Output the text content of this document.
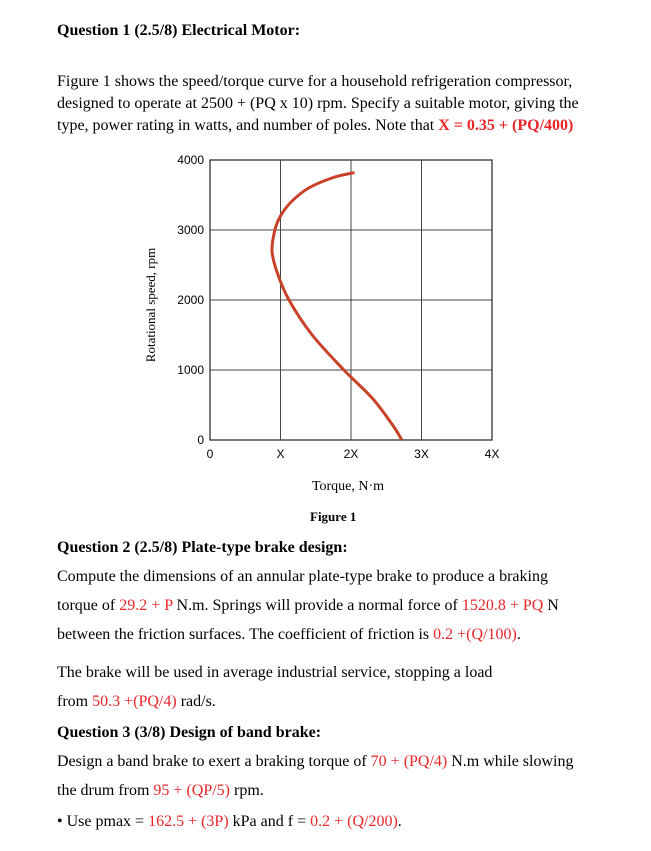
Question 1 (2.5/8) Electrical Motor:
Figure 1 shows the speed/torque curve for a household refrigeration compressor,
designed to operate at 2500 + (PQ x 10) rpm. Specify a suitable motor, giving the
type, power rating in watts, and number of poles. Note that X = 0.35 + (PQ/400)
0	X	2X	3X	4X
0
1000
2000
3000
4000
Rotational speed, rpm
Torque, N·m
Figure 1
Question 2 (2.5/8) Plate-type brake design:
Compute the dimensions of an annular plate-type brake to produce a braking
torque of 29.2 + P N.m. Springs will provide a normal force of 1520.8 + PQ N
between the friction surfaces. The coefficient of friction is 0.2 +(Q/100).
The brake will be used in average industrial service, stopping a load
from 50.3 +(PQ/4) rad/s.
Question 3 (3/8) Design of band brake:
Design a band brake to exert a braking torque of 70 + (PQ/4) N.m while slowing
the drum from 95 + (QP/5) rpm.
• Use pmax = 162.5 + (3P) kPa and f = 0.2 + (Q/200).
